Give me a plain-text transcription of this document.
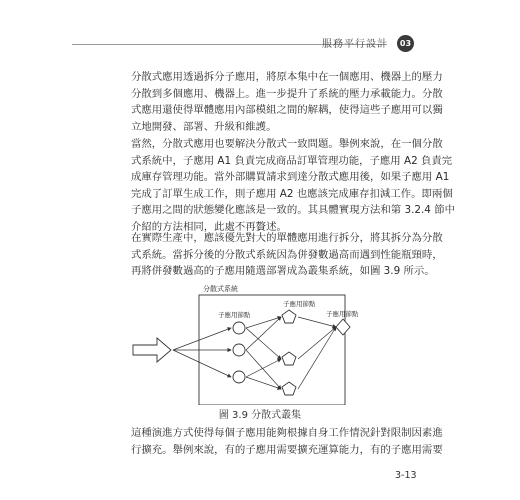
服務平行設計	03
分散式應用透過拆分子應用，將原本集中在一個應用、機器上的壓力
分散到多個應用、機器上。進一步提升了系統的壓力承載能力。分散
式應用還使得單體應用內部模組之間的解耦，使得這些子應用可以獨
立地開發、部署、升級和維護。
當然，分散式應用也要解決分散式一致問題。舉例來說，在一個分散
式系統中，子應用 A1 負責完成商品訂單管理功能，子應用 A2 負責完
成庫存管理功能。當外部購買請求到達分散式應用後，如果子應用 A1
完成了訂單生成工作，則子應用 A2 也應該完成庫存扣減工作。即兩個
子應用之間的狀態變化應該是一致的。其具體實現方法和第 3.2.4 節中
介紹的方法相同，此處不再贅述。
在實際生產中，應該優先對大的單體應用進行拆分，將其拆分為分散
式系統。當拆分後的分散式系統因為併發數過高而遇到性能瓶頸時，
再將併發數過高的子應用隨選部署成為叢集系統，如圖 3.9 所示。
分散式系統
子應用節點
子應用節點
子應用節點
圖 3.9 分散式叢集
這種演進方式使得每個子應用能夠根據自身工作情況針對限制因素進
行擴充。舉例來說，有的子應用需要擴充運算能力，有的子應用需要
3-13
